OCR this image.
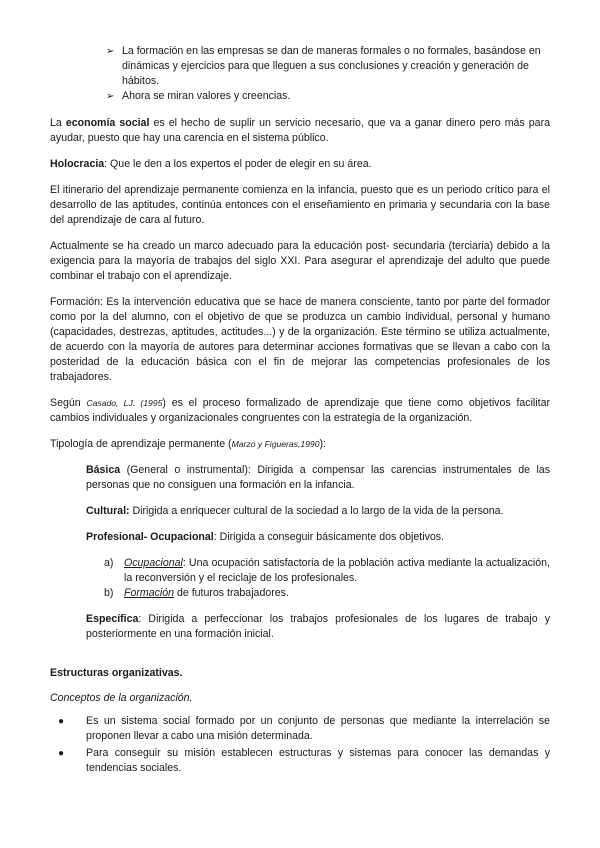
➢ La formación en las empresas se dan de maneras formales o no formales, basándose en dinámicas y ejercicios para que lleguen a sus conclusiones y creación y generación de hábitos.
➢ Ahora se miran valores y creencias.

La economía social es el hecho de suplir un servicio necesario, que va a ganar dinero pero más para ayudar, puesto que hay una carencia en el sistema público.

Holocracia: Que le den a los expertos el poder de elegir en su área.

El itinerario del aprendizaje permanente comienza en la infancia, puesto que es un periodo crítico para el desarrollo de las aptitudes, continúa entonces con el enseñamiento en primaria y secundaria con la base del aprendizaje de cara al futuro.

Actualmente se ha creado un marco adecuado para la educación post- secundaria (terciaria) debido a la exigencia para la mayoría de trabajos del siglo XXI. Para asegurar el aprendizaje del adulto que puede combinar el trabajo con el aprendizaje.

Formación: Es la intervención educativa que se hace de manera consciente, tanto por parte del formador como por la del alumno, con el objetivo de que se produzca un cambio individual, personal y humano (capacidades, destrezas, aptitudes, actitudes...) y de la organización. Este término se utiliza actualmente, de acuerdo con la mayoría de autores para determinar acciones formativas que se llevan a cabo con la posteridad de la educación básica con el fin de mejorar las competencias profesionales de los trabajadores.

Según Casado, LJ. (1995) es el proceso formalizado de aprendizaje que tiene como objetivos facilitar cambios individuales y organizacionales congruentes con la estrategia de la organización.

Tipología de aprendizaje permanente (Marzo y Figueras,1990):

Básica (General o instrumental): Dirigida a compensar las carencias instrumentales de las personas que no consiguen una formación en la infancia.

Cultural: Dirigida a enriquecer cultural de la sociedad a lo largo de la vida de la persona.

Profesional- Ocupacional: Dirigida a conseguir básicamente dos objetivos.

a) Ocupacional: Una ocupación satisfactoria de la población activa mediante la actualización, la reconversión y el reciclaje de los profesionales.
b) Formación de futuros trabajadores.

Específica: Dirigida a perfeccionar los trabajos profesionales de los lugares de trabajo y posteriormente en una formación inicial.

Estructuras organizativas.

Conceptos de la organización.

● Es un sistema social formado por un conjunto de personas que mediante la interrelación se proponen llevar a cabo una misión determinada.
● Para conseguir su misión establecen estructuras y sistemas para conocer las demandas y tendencias sociales.
